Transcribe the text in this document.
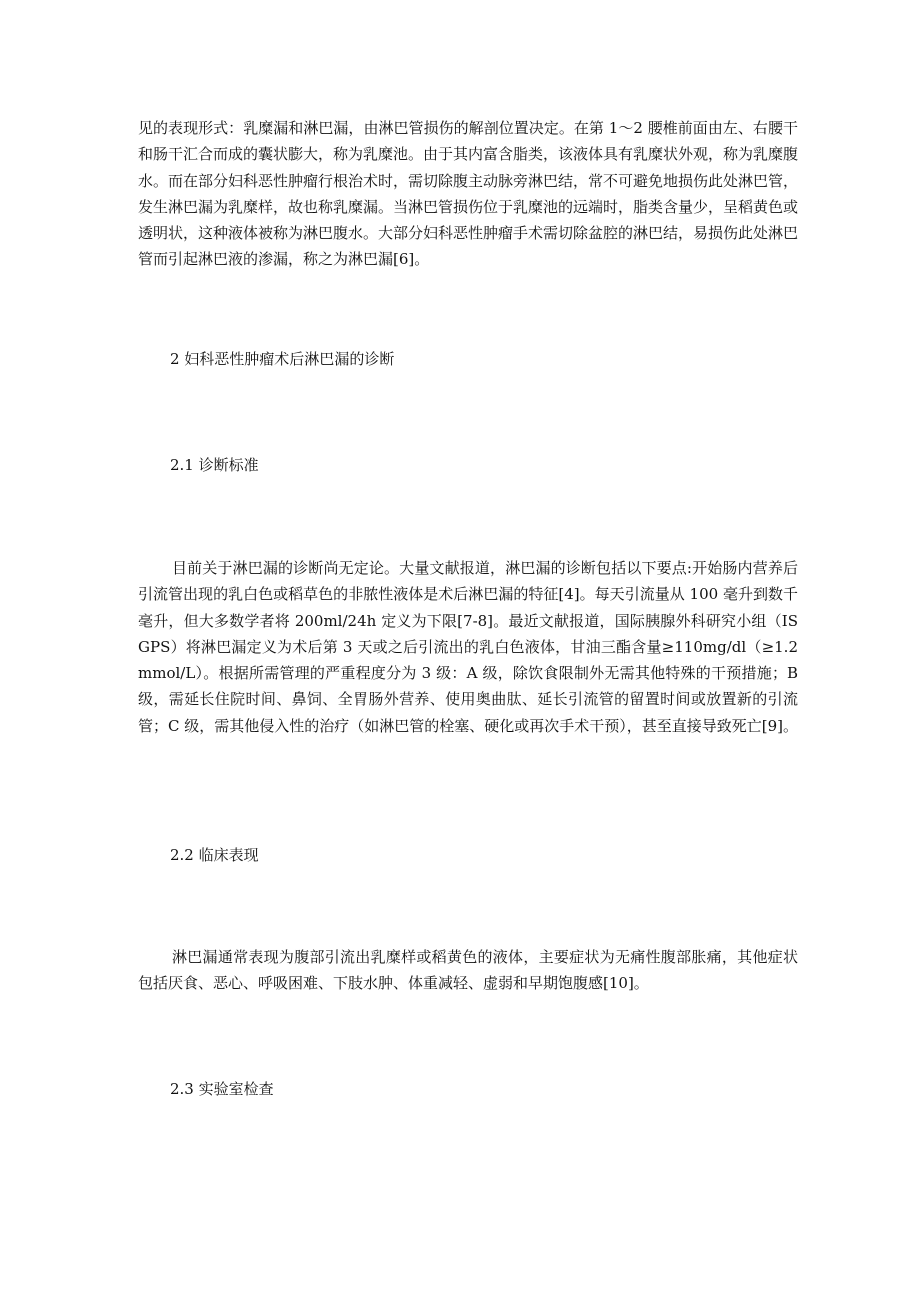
见的表现形式：乳糜漏和淋巴漏，由淋巴管损伤的解剖位置决定。在第 1～2 腰椎前面由左、右腰干和肠干汇合而成的囊状膨大，称为乳糜池。由于其内富含脂类，该液体具有乳糜状外观，称为乳糜腹水。而在部分妇科恶性肿瘤行根治术时，需切除腹主动脉旁淋巴结，常不可避免地损伤此处淋巴管，发生淋巴漏为乳糜样，故也称乳糜漏。当淋巴管损伤位于乳糜池的远端时，脂类含量少，呈稻黄色或透明状，这种液体被称为淋巴腹水。大部分妇科恶性肿瘤手术需切除盆腔的淋巴结，易损伤此处淋巴管而引起淋巴液的渗漏，称之为淋巴漏[6]。

2 妇科恶性肿瘤术后淋巴漏的诊断
2.1 诊断标准

目前关于淋巴漏的诊断尚无定论。大量文献报道，淋巴漏的诊断包括以下要点:开始肠内营养后引流管出现的乳白色或稻草色的非脓性液体是术后淋巴漏的特征[4]。每天引流量从 100 毫升到数千毫升，但大多数学者将 200ml/24h 定义为下限[7-8]。最近文献报道，国际胰腺外科研究小组（ISGPS）将淋巴漏定义为术后第 3 天或之后引流出的乳白色液体，甘油三酯含量≥110mg/dl（≥1.2mmol/L）。根据所需管理的严重程度分为 3 级：A 级，除饮食限制外无需其他特殊的干预措施；B 级，需延长住院时间、鼻饲、全胃肠外营养、使用奥曲肽、延长引流管的留置时间或放置新的引流管；C 级，需其他侵入性的治疗（如淋巴管的栓塞、硬化或再次手术干预），甚至直接导致死亡[9]。

2.2 临床表现

淋巴漏通常表现为腹部引流出乳糜样或稻黄色的液体，主要症状为无痛性腹部胀痛，其他症状包括厌食、恶心、呼吸困难、下肢水肿、体重减轻、虚弱和早期饱腹感[10]。

2.3 实验室检查
